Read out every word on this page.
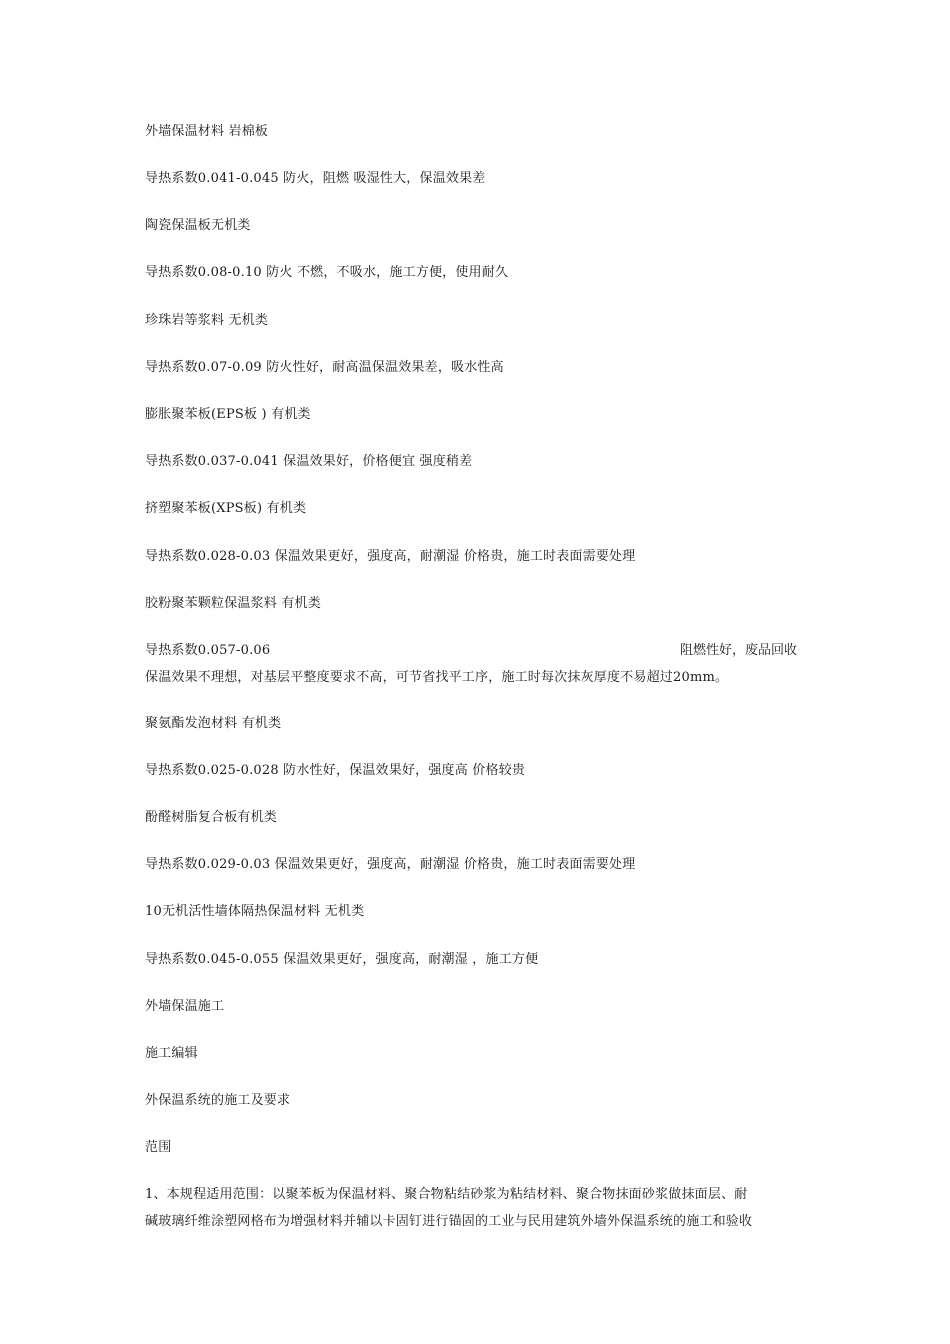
外墙保温材料 岩棉板
导热系数0.041-0.045 防火，阻燃 吸湿性大，保温效果差
陶瓷保温板无机类
导热系数0.08-0.10 防火 不燃，不吸水，施工方便，使用耐久
珍珠岩等浆料 无机类
导热系数0.07-0.09 防火性好，耐高温保温效果差，吸水性高
膨胀聚苯板(EPS板 ) 有机类
导热系数0.037-0.041 保温效果好，价格便宜 强度稍差
挤塑聚苯板(XPS板) 有机类
导热系数0.028-0.03 保温效果更好，强度高，耐潮湿 价格贵，施工时表面需要处理
胶粉聚苯颗粒保温浆料 有机类
导热系数0.057-0.06	阻燃性好，废品回收
保温效果不理想，对基层平整度要求不高，可节省找平工序，施工时每次抹灰厚度不易超过20mm。
聚氨酯发泡材料 有机类
导热系数0.025-0.028 防水性好，保温效果好，强度高 价格较贵
酚醛树脂复合板有机类
导热系数0.029-0.03 保温效果更好，强度高，耐潮湿 价格贵，施工时表面需要处理
10无机活性墙体隔热保温材料 无机类
导热系数0.045-0.055 保温效果更好，强度高，耐潮湿 ，施工方便
外墙保温施工
施工编辑
外保温系统的施工及要求
范围
1、本规程适用范围：以聚苯板为保温材料、聚合物粘结砂浆为粘结材料、聚合物抹面砂浆做抹面层、耐
碱玻璃纤维涂塑网格布为增强材料并辅以卡固钉进行锚固的工业与民用建筑外墙外保温系统的施工和验收
